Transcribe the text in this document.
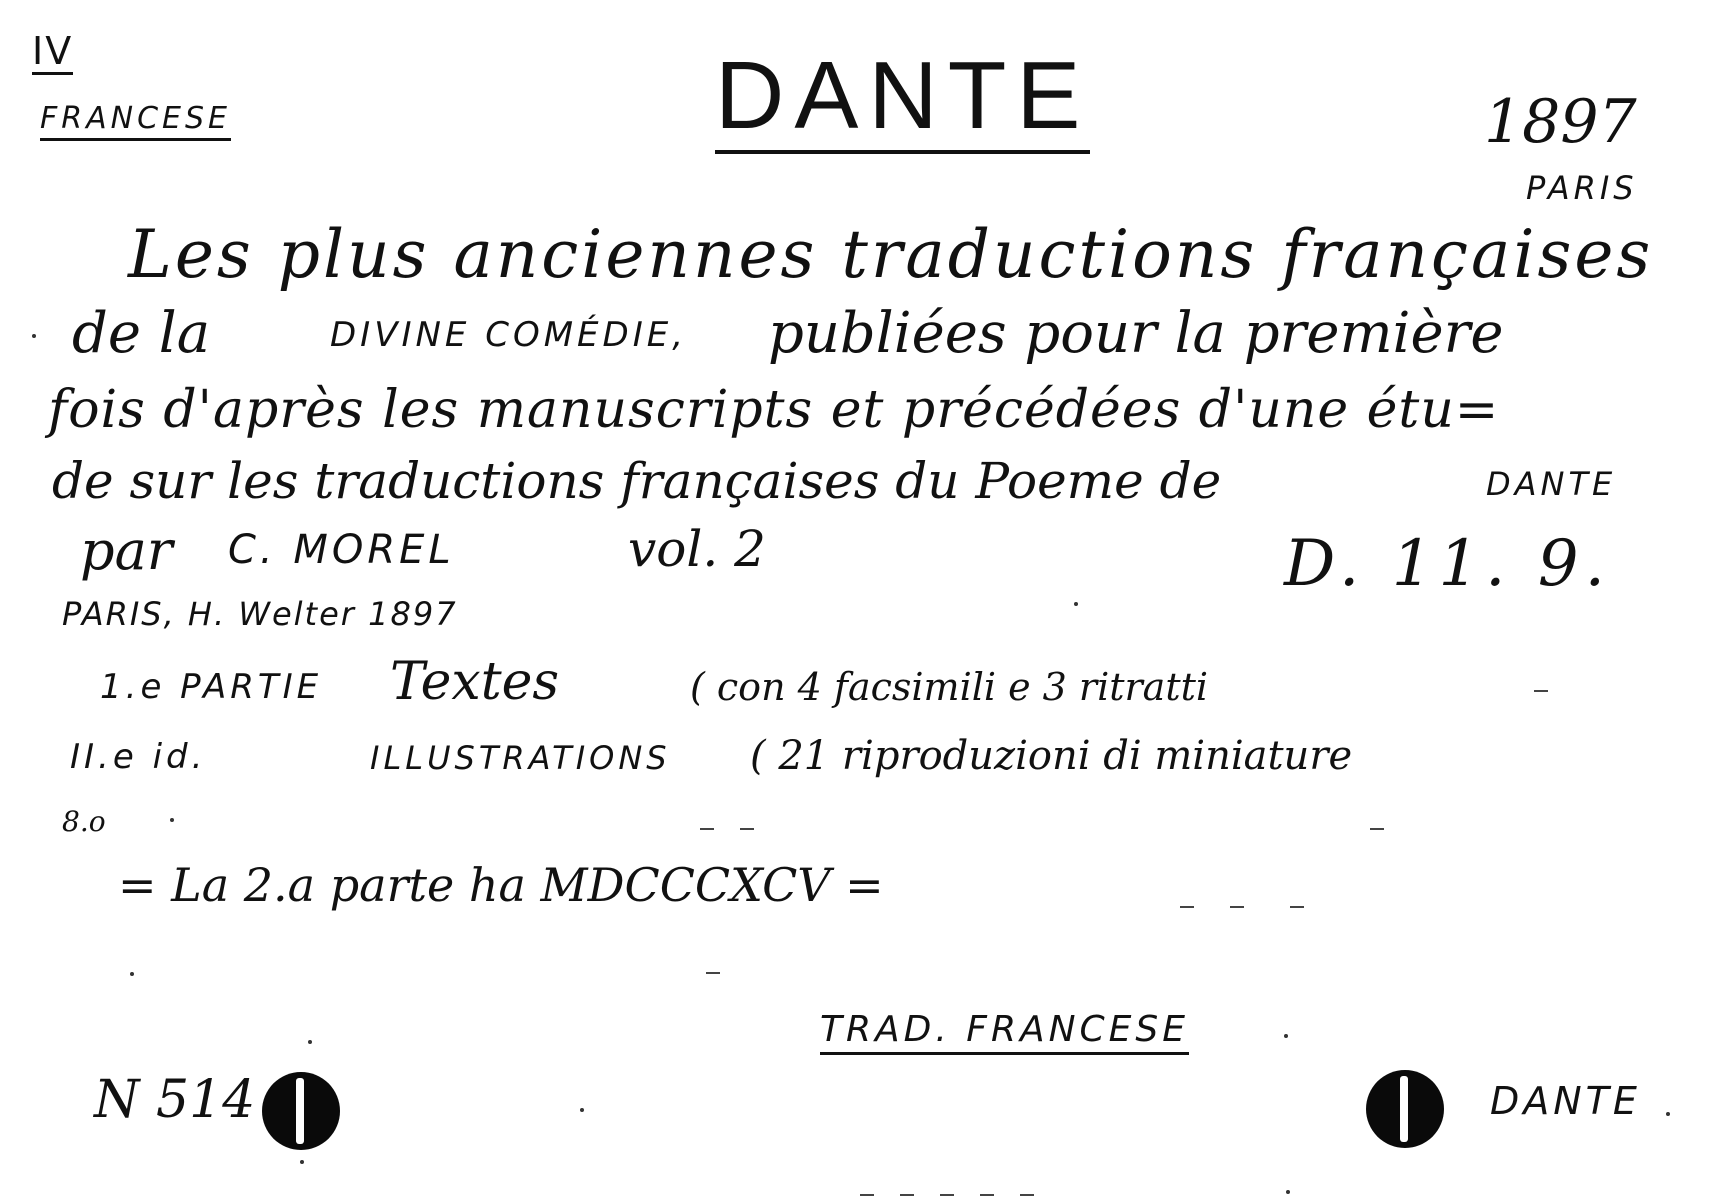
IV
FRANCESE	DANTE	1897
PARIS
Les plus anciennes traductions françaises
de la	DIVINE COMÉDIE, publiées pour la première
fois d'après les manuscripts et précédées d'une étu=
de sur les traductions françaises du Poeme de	DANTE
par C. MOREL	vol. 2	D. 11. 9.
PARIS, H. Welter 1897
1.e PARTIE Textes	( con 4 facsimili e 3 ritratti
II.e id.	ILLUSTRATIONS ( 21 riproduzioni di miniature
8.o
= La 2.a parte ha MDCCCXCV =
TRAD. FRANCESE
N 514	DANTE
